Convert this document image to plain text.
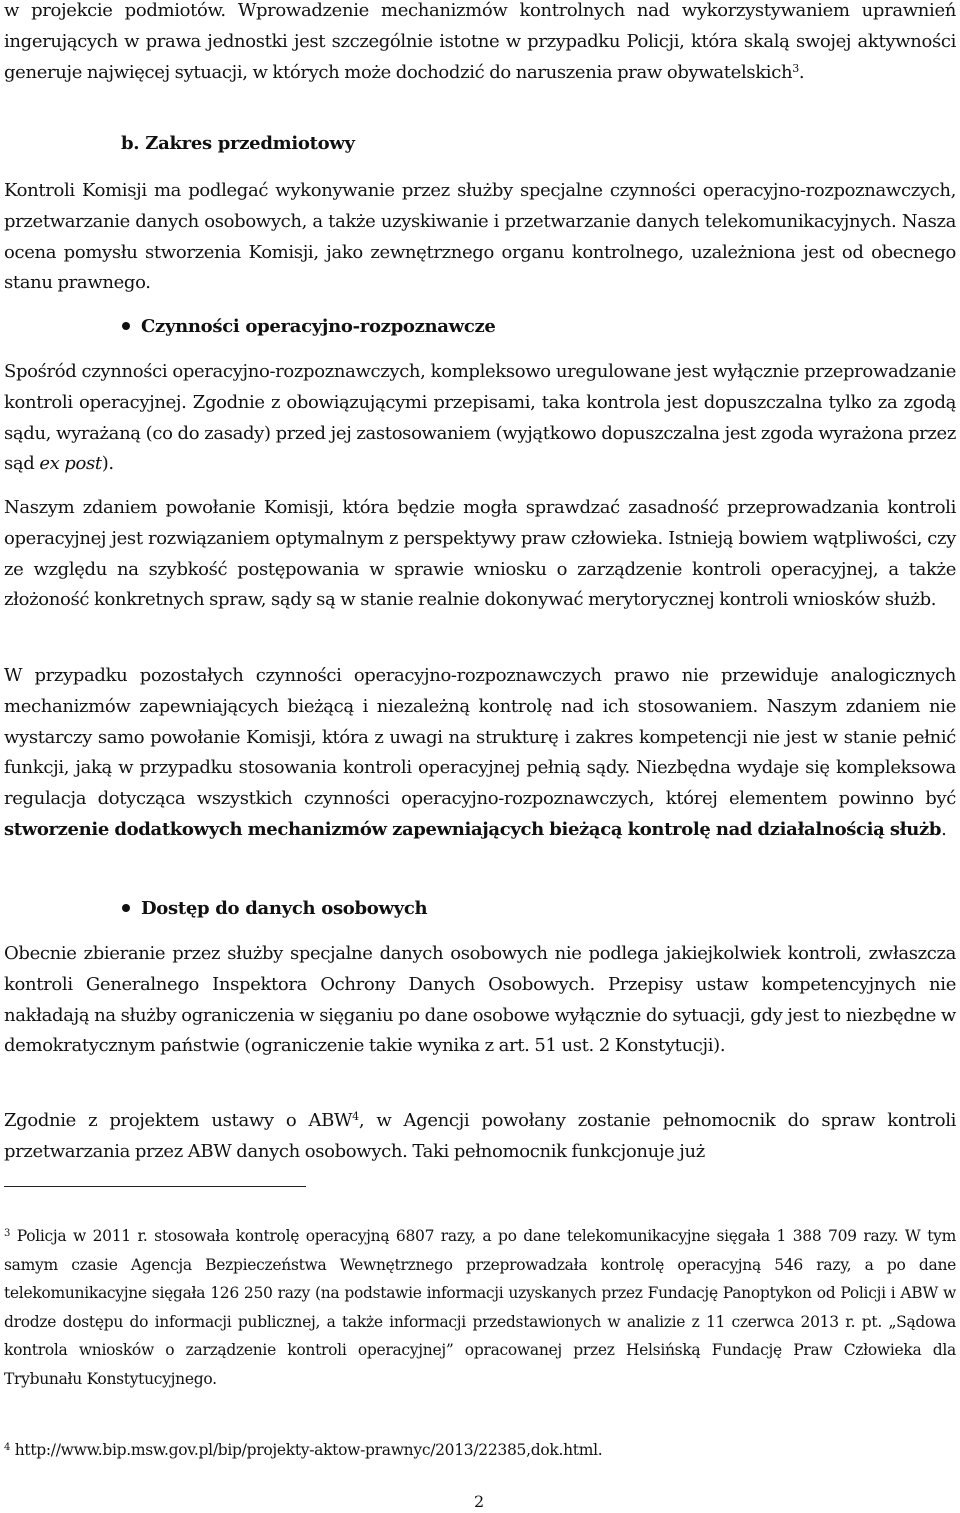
w projekcie podmiotów. Wprowadzenie mechanizmów kontrolnych nad wykorzystywaniem uprawnień ingerujących w prawa jednostki jest szczególnie istotne w przypadku Policji, która skalą swojej aktywności generuje najwięcej sytuacji, w których może dochodzić do naruszenia praw obywatelskich$^3$.

b. Zakres przedmiotowy

Kontroli Komisji ma podlegać wykonywanie przez służby specjalne czynności operacyjno-rozpoznawczych, przetwarzanie danych osobowych, a także uzyskiwanie i przetwarzanie danych telekomunikacyjnych. Nasza ocena pomysłu stworzenia Komisji, jako zewnętrznego organu kontrolnego, uzależniona jest od obecnego stanu prawnego.

Czynności operacyjno-rozpoznawcze

Spośród czynności operacyjno-rozpoznawczych, kompleksowo uregulowane jest wyłącznie przeprowadzanie kontroli operacyjnej. Zgodnie z obowiązującymi przepisami, taka kontrola jest dopuszczalna tylko za zgodą sądu, wyrażaną (co do zasady) przed jej zastosowaniem (wyjątkowo dopuszczalna jest zgoda wyrażona przez sąd ex post).

Naszym zdaniem powołanie Komisji, która będzie mogła sprawdzać zasadność przeprowadzania kontroli operacyjnej jest rozwiązaniem optymalnym z perspektywy praw człowieka. Istnieją bowiem wątpliwości, czy ze względu na szybkość postępowania w sprawie wniosku o zarządzenie kontroli operacyjnej, a także złożoność konkretnych spraw, sądy są w stanie realnie dokonywać merytorycznej kontroli wniosków służb.

W przypadku pozostałych czynności operacyjno-rozpoznawczych prawo nie przewiduje analogicznych mechanizmów zapewniających bieżącą i niezależną kontrolę nad ich stosowaniem. Naszym zdaniem nie wystarczy samo powołanie Komisji, która z uwagi na strukturę i zakres kompetencji nie jest w stanie pełnić funkcji, jaką w przypadku stosowania kontroli operacyjnej pełnią sądy. Niezbędna wydaje się kompleksowa regulacja dotycząca wszystkich czynności operacyjno-rozpoznawczych, której elementem powinno być stworzenie dodatkowych mechanizmów zapewniających bieżącą kontrolę nad działalnością służb.

Dostęp do danych osobowych

Obecnie zbieranie przez służby specjalne danych osobowych nie podlega jakiejkolwiek kontroli, zwłaszcza kontroli Generalnego Inspektora Ochrony Danych Osobowych. Przepisy ustaw kompetencyjnych nie nakładają na służby ograniczenia w sięganiu po dane osobowe wyłącznie do sytuacji, gdy jest to niezbędne w demokratycznym państwie (ograniczenie takie wynika z art. 51 ust. 2 Konstytucji).

Zgodnie z projektem ustawy o ABW$^4$, w Agencji powołany zostanie pełnomocnik do spraw kontroli przetwarzania przez ABW danych osobowych. Taki pełnomocnik funkcjonuje już

$^3$ Policja w 2011 r. stosowała kontrolę operacyjną 6807 razy, a po dane telekomunikacyjne sięgała 1 388 709 razy. W tym samym czasie Agencja Bezpieczeństwa Wewnętrznego przeprowadzała kontrolę operacyjną 546 razy, a po dane telekomunikacyjne sięgała 126 250 razy (na podstawie informacji uzyskanych przez Fundację Panoptykon od Policji i ABW w drodze dostępu do informacji publicznej, a także informacji przedstawionych w analizie z 11 czerwca 2013 r. pt. „Sądowa kontrola wniosków o zarządzenie kontroli operacyjnej” opracowanej przez Helsińską Fundację Praw Człowieka dla Trybunału Konstytucyjnego.
$^4$ http://www.bip.msw.gov.pl/bip/projekty-aktow-prawnyc/2013/22385,dok.html.
2
